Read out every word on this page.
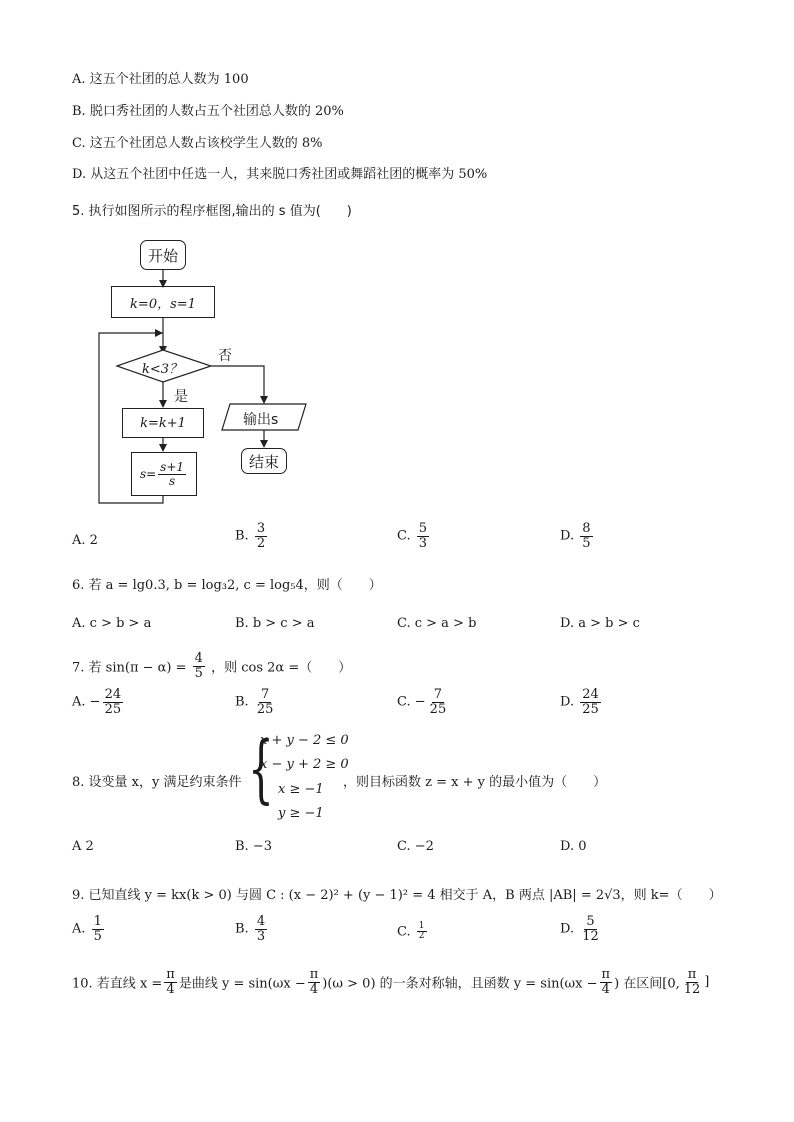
A. 这五个社团的总人数为 100
B. 脱口秀社团的人数占五个社团总人数的 20%
C. 这五个社团总人数占该校学生人数的 8%
D. 从这五个社团中任选一人，其来脱口秀社团或舞蹈社团的概率为 50%
5. 执行如图所示的程序框图,输出的 s 值为(　　)
开始
k=0，s=1
k<3？
否
是
k=k+1
$s= \frac{s+1}{s}$
输出s
结束
A. 2	B. $\frac{3}{2}$	C. $\frac{5}{3}$	D. $\frac{8}{5}$
6. 若 a = lg0.3, b = log₃2, c = log₅4，则（　　）
A. c > b > a	B. b > c > a	C. c > a > b	D. a > b > c
7. 若 $\sin(\pi - \alpha) = \frac{4}{5}$ ，则 cos 2α =（　　）
A. − $\frac{24}{25}$	B. $\frac{7}{25}$	C. − $\frac{7}{25}$	D. $\frac{24}{25}$
8. 设变量 x，y 满足约束条件 {
x + y − 2 ≤ 0
x − y + 2 ≥ 0
x ≥ −1
y ≥ −1
，则目标函数 z = x + y 的最小值为（　　）
A 2	B. −3	C. −2	D. 0
9. 已知直线 y = kx(k > 0) 与圆 C : (x − 2)² + (y − 1)² = 4 相交于 A，B 两点 |AB| = 2√3，则 k=（　　）
A. $\frac{1}{5}$	B. $\frac{4}{3}$	C. $\frac{1}{2}$	D. $\frac{5}{12}$
10. 若直线 $x = \frac{\pi}{4}$ 是曲线 $y = \sin(\omega x - \frac{\pi}{4} )(\omega > 0)$ 的一条对称轴，且函数 $y = \sin(\omega x - \frac{\pi}{4}$ ) 在区间[0, $\frac{\pi}{12}$ ]
